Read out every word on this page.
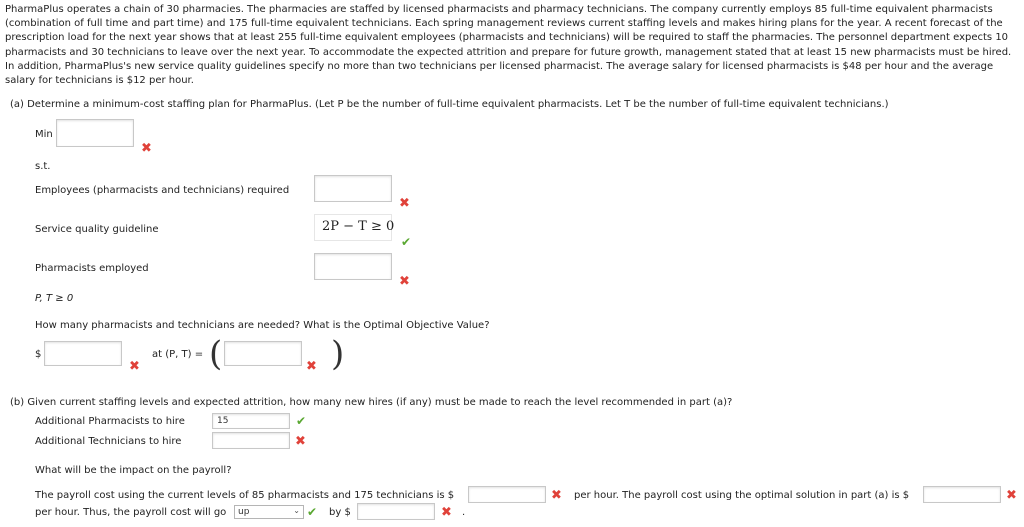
PharmaPlus operates a chain of 30 pharmacies. The pharmacies are staffed by licensed pharmacists and pharmacy technicians. The company currently employs 85 full-time equivalent pharmacists (combination of full time and part time) and 175 full-time equivalent technicians. Each spring management reviews current staffing levels and makes hiring plans for the year. A recent forecast of the prescription load for the next year shows that at least 255 full-time equivalent employees (pharmacists and technicians) will be required to staff the pharmacies. The personnel department expects 10 pharmacists and 30 technicians to leave over the next year. To accommodate the expected attrition and prepare for future growth, management stated that at least 15 new pharmacists must be hired. In addition, PharmaPlus's new service quality guidelines specify no more than two technicians per licensed pharmacist. The average salary for licensed pharmacists is $48 per hour and the average salary for technicians is $12 per hour.
(a) Determine a minimum-cost staffing plan for PharmaPlus. (Let P be the number of full-time equivalent pharmacists. Let T be the number of full-time equivalent technicians.)
Min
✖
s.t.
Employees (pharmacists and technicians) required
✖
Service quality guideline	2P − T ≥ 0
✔
Pharmacists employed
✖
P, T ≥ 0
How many pharmacists and technicians are needed? What is the Optimal Objective Value?
$
✖
at (P, T) = (	✖ )
(b) Given current staffing levels and expected attrition, how many new hires (if any) must be made to reach the level recommended in part (a)?
Additional Pharmacists to hire	15	✔
Additional Technicians to hire	✖
What will be the impact on the payroll?
The payroll cost using the current levels of 85 pharmacists and 175 technicians is $	✖ per hour. The payroll cost using the optimal solution in part (a) is $	✖
per hour. Thus, the payroll cost will go	up	⌄ ✔ by $	✖ .
